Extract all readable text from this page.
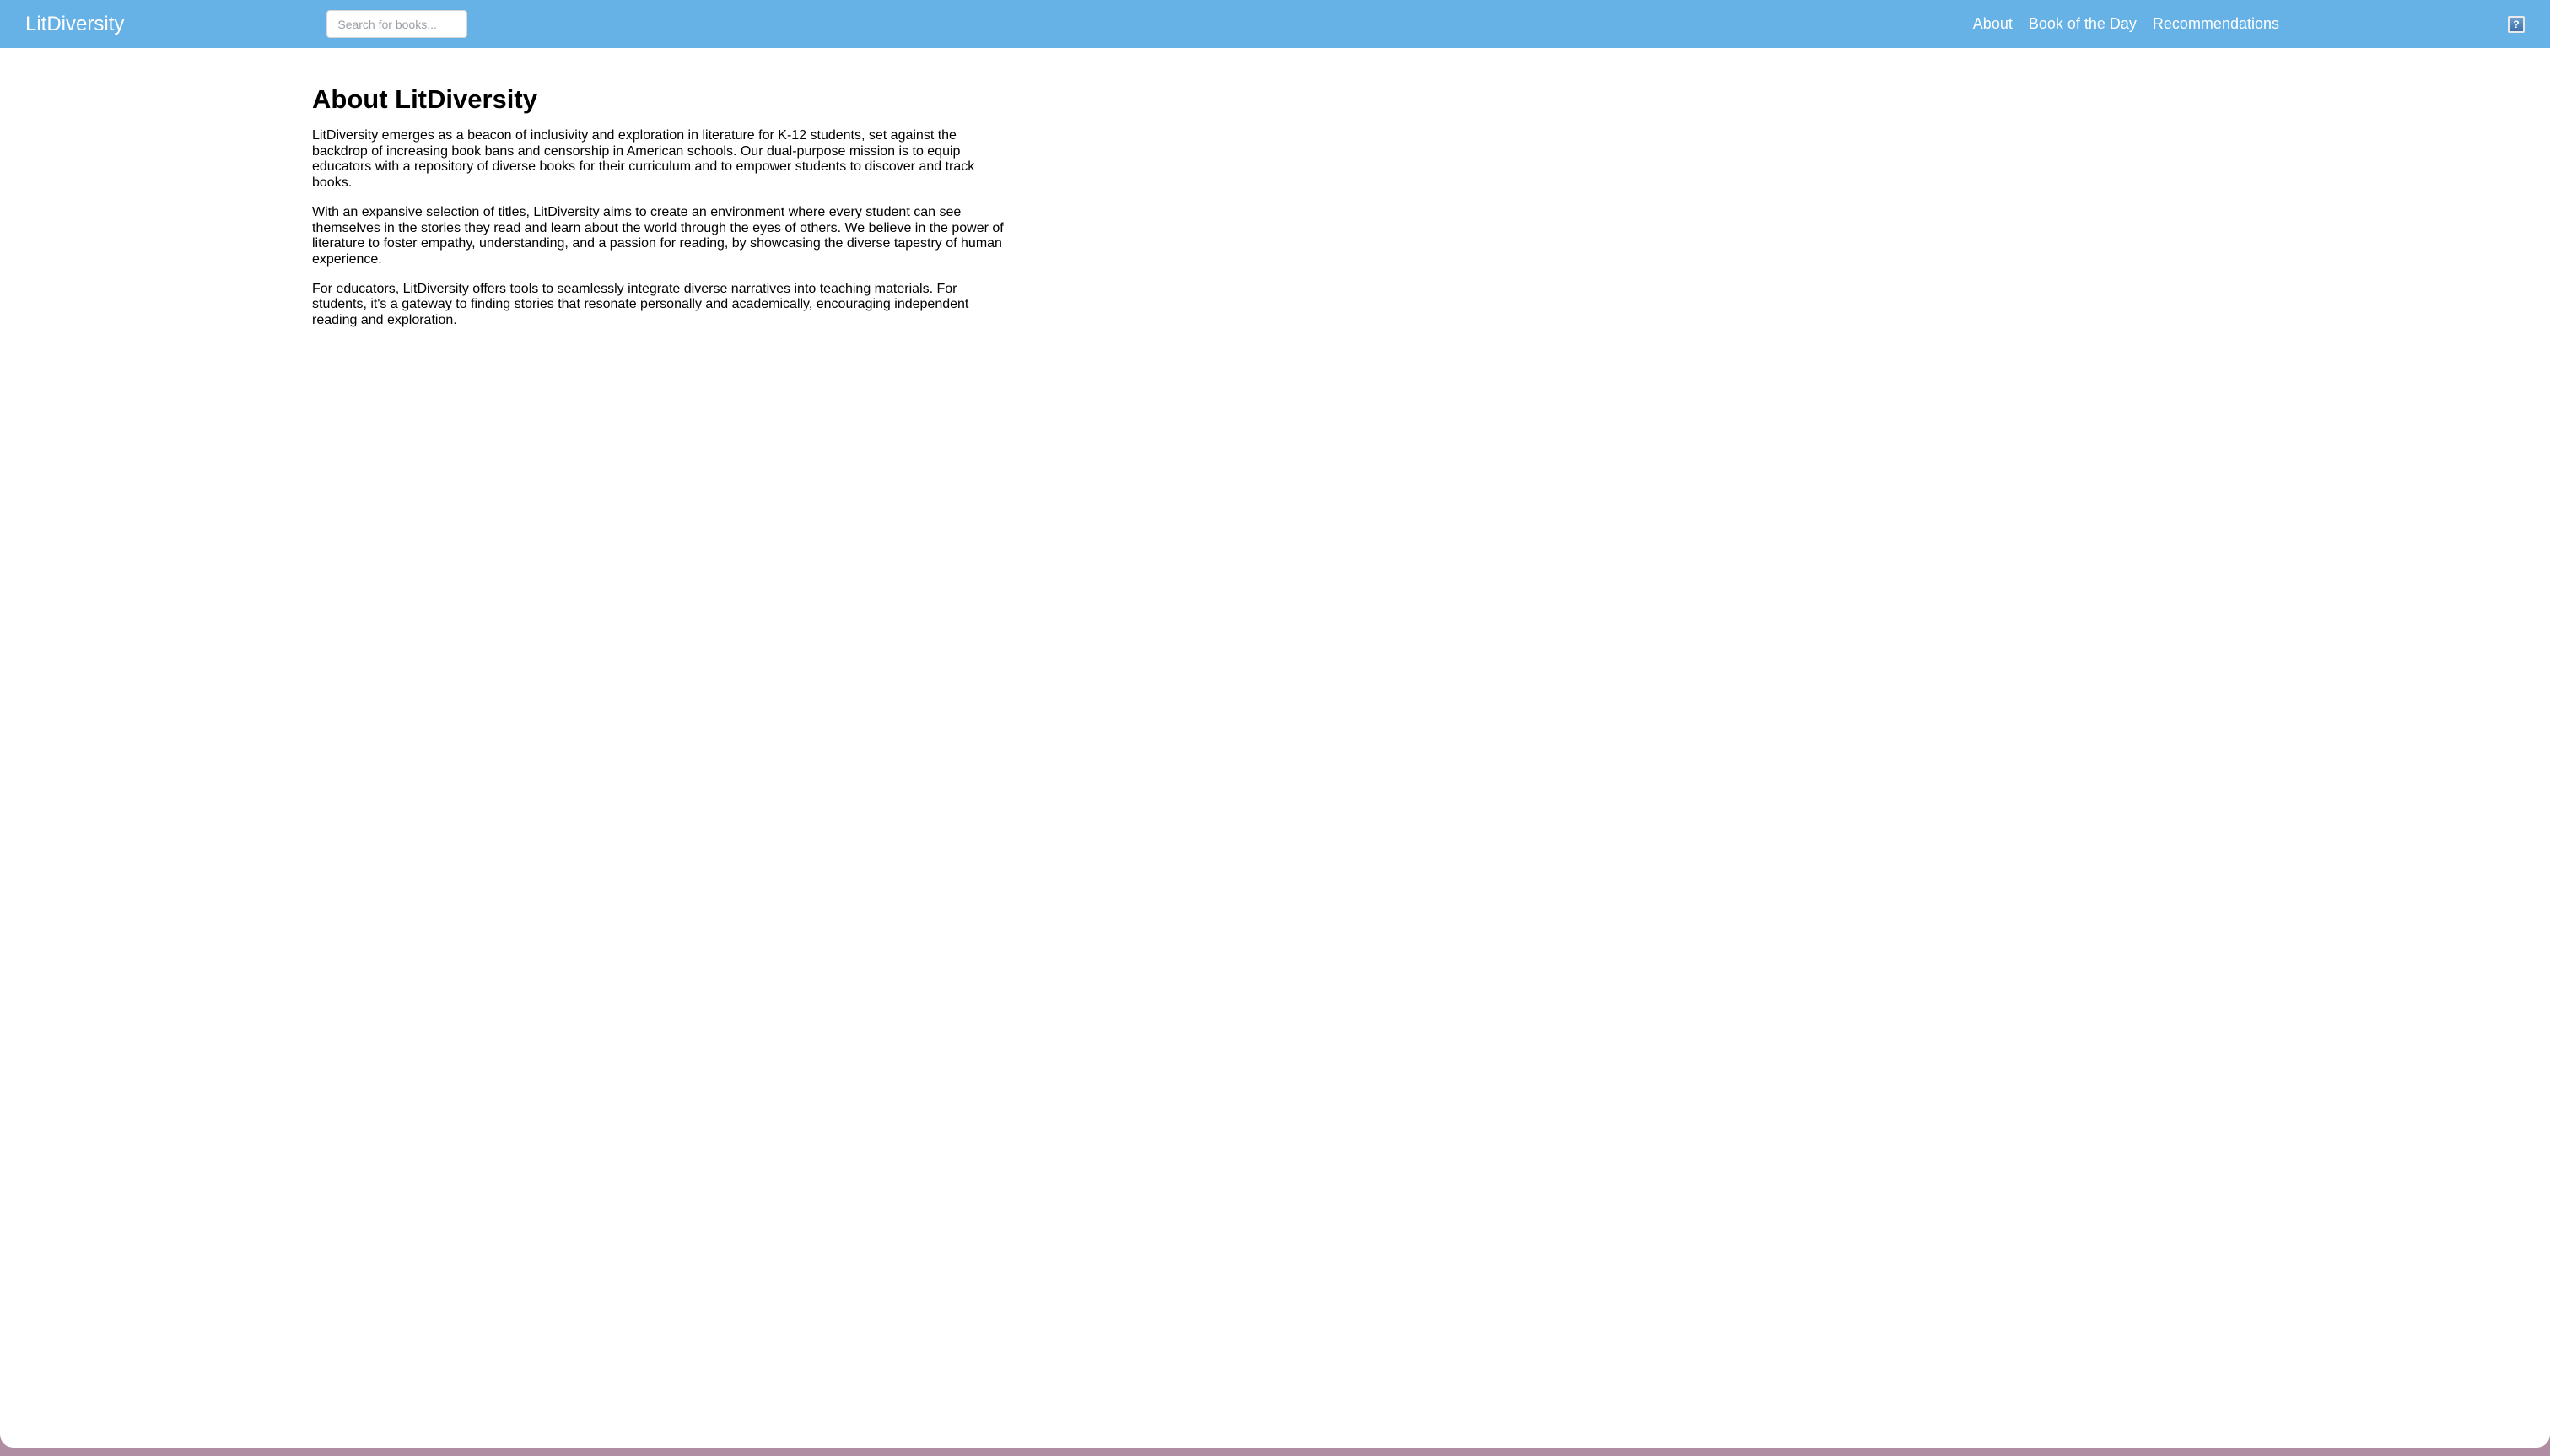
LitDiversity
Search for books...	About Book of the Day Recommendations	?
About LitDiversity

LitDiversity emerges as a beacon of inclusivity and exploration in literature for K-12 students, set against the backdrop of increasing book bans and censorship in American schools. Our dual-purpose mission is to equip educators with a repository of diverse books for their curriculum and to empower students to discover and track books.

With an expansive selection of titles, LitDiversity aims to create an environment where every student can see themselves in the stories they read and learn about the world through the eyes of others. We believe in the power of literature to foster empathy, understanding, and a passion for reading, by showcasing the diverse tapestry of human experience.

For educators, LitDiversity offers tools to seamlessly integrate diverse narratives into teaching materials. For students, it's a gateway to finding stories that resonate personally and academically, encouraging independent reading and exploration.
